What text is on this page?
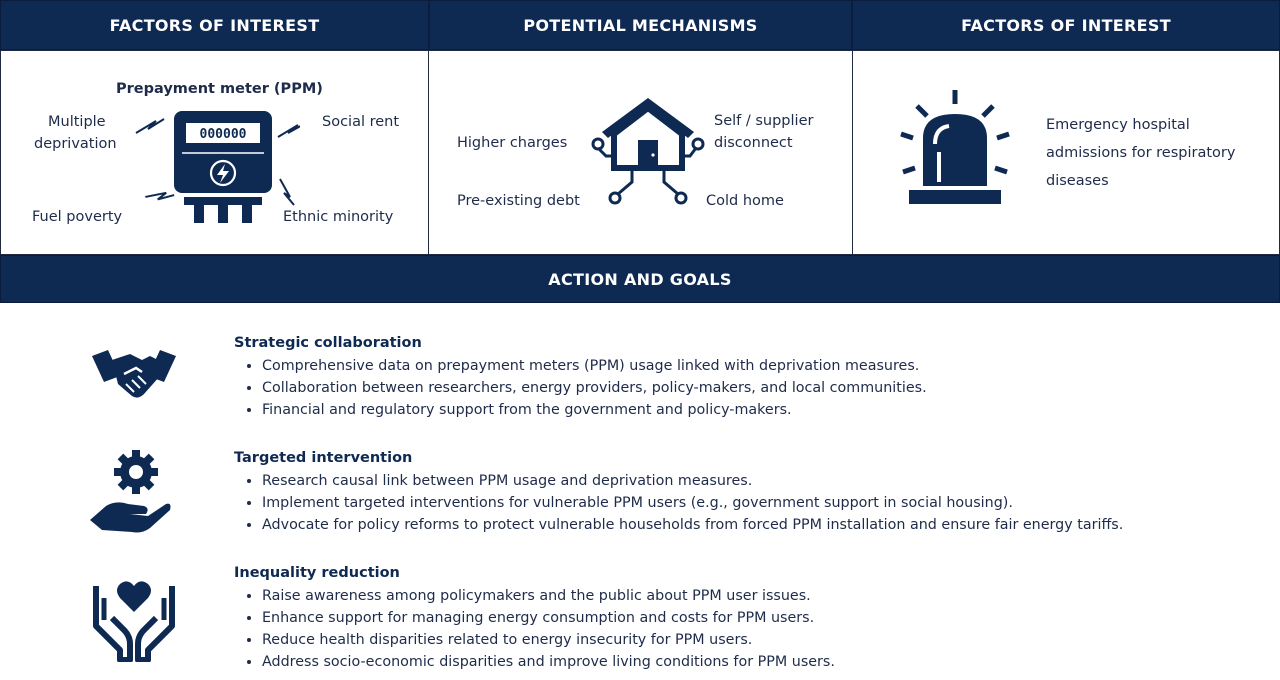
FACTORS OF INTEREST	POTENTIAL MECHANISMS	FACTORS OF INTEREST
Prepayment meter (PPM)
Multiple
deprivation
Social rent
Fuel poverty	Ethnic minority
000000
Higher charges
Self / supplier
disconnect
Pre-existing debt	Cold home
Emergency hospital
admissions for respiratory
diseases
ACTION AND GOALS
Strategic collaboration
• Comprehensive data on prepayment meters (PPM) usage linked with deprivation measures.
• Collaboration between researchers, energy providers, policy-makers, and local communities.
• Financial and regulatory support from the government and policy-makers.
Targeted intervention
• Research causal link between PPM usage and deprivation measures.
• Implement targeted interventions for vulnerable PPM users (e.g., government support in social housing).
• Advocate for policy reforms to protect vulnerable households from forced PPM installation and ensure fair energy tariffs.
Inequality reduction
• Raise awareness among policymakers and the public about PPM user issues.
• Enhance support for managing energy consumption and costs for PPM users.
• Reduce health disparities related to energy insecurity for PPM users.
• Address socio-economic disparities and improve living conditions for PPM users.
